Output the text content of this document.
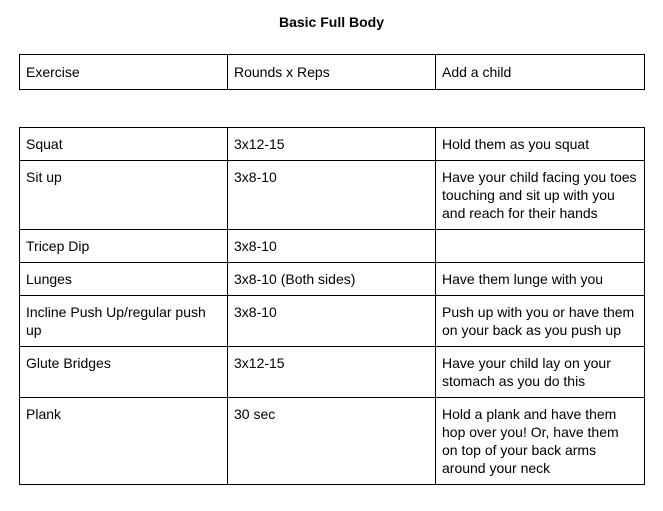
Basic Full Body
Exercise	Rounds x Reps	Add a child
Squat	3x12-15	Hold them as you squat
Sit up	3x8-10	Have your child facing you toes touching and sit up with you and reach for their hands
Tricep Dip	3x8-10	
Lunges	3x8-10 (Both sides)	Have them lunge with you
Incline Push Up/regular push up	3x8-10	Push up with you or have them on your back as you push up
Glute Bridges	3x12-15	Have your child lay on your stomach as you do this
Plank	30 sec	Hold a plank and have them hop over you! Or, have them on top of your back arms around your neck
